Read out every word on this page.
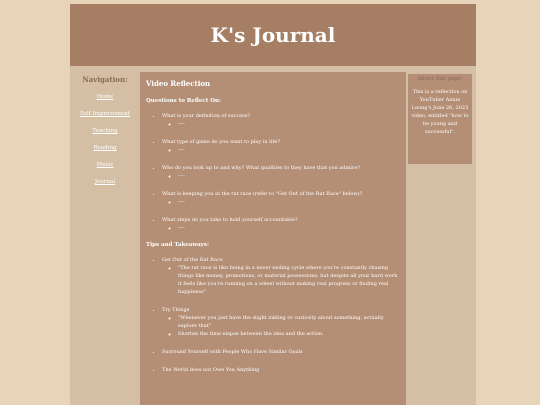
K's Journal
Navigation:
Home
Self Improvement
Teaching
Reading
Music
Journal
Video Reflection
Questions to Reflect On:
• What is your definition of success?
◦ ----
• What type of game do you want to play in life?
◦ ----
• Who do you look up to and why? What qualities to they have that you admire?
◦ ----
• What is keeping you in the rat race (refer to "Get Out of the Rat Race" below)?
◦ ----
• What steps do you take to hold yourself accountable?
◦ ----
Tips and Takeaways:
• Get Out of the Rat Race
◦ "The rat race is like being in a never ending cycle where you're constantly chasing things like money, promotions, or material possessions, but despite all your hard work it feels like you're running on a wheel without making real progress or finding real happiness"
• Try Things
◦ "Whenever you just have the slight inkling or curiosity about something, actually explore that"
◦ Shorten the time elapse between the idea and the action.
• Surround Yourself with People Who Have Similar Goals
• The World does not Owe You Anything
About this page:
This is a reflection on YouTuber Annie Leong's June 26, 2023 video, entitled "how to be young and successful".
